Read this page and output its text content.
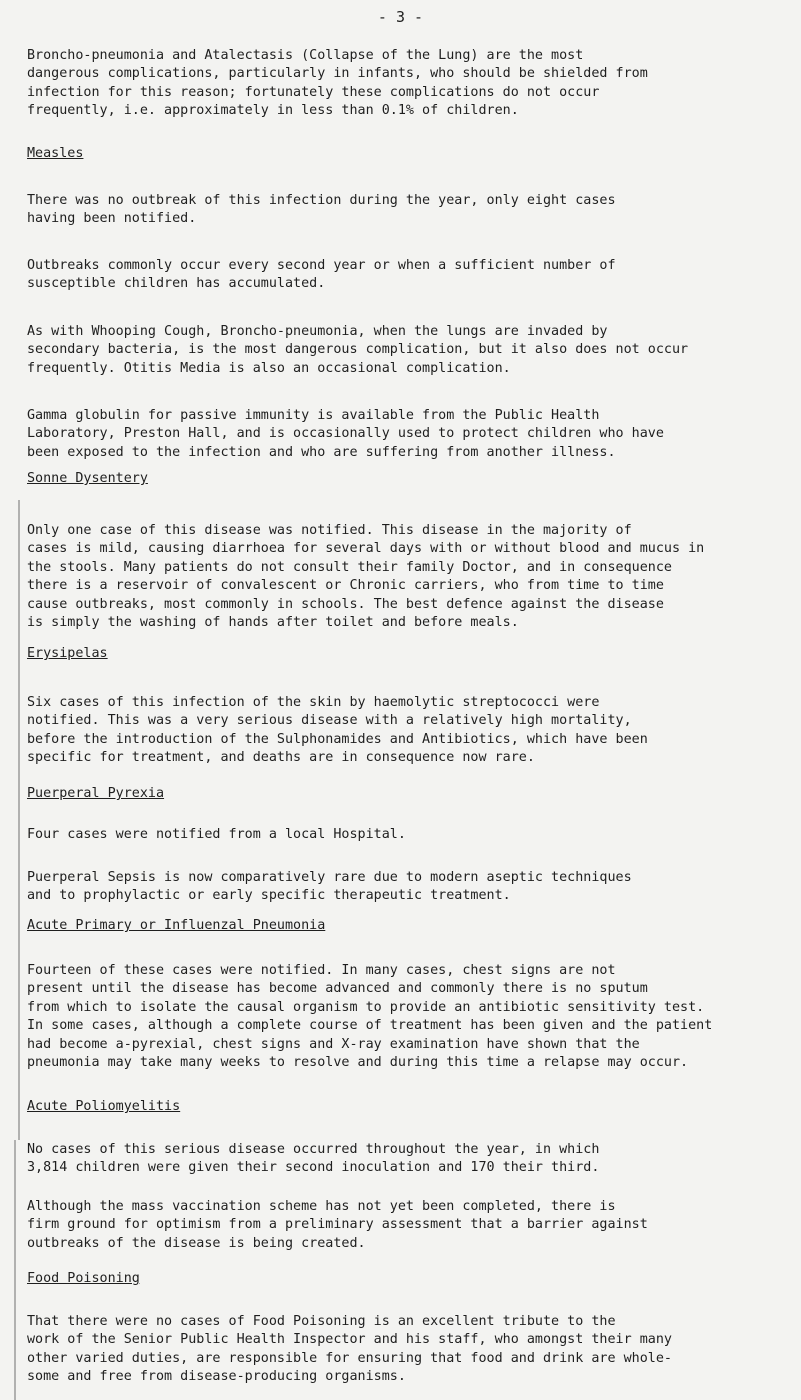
- 3 -
Broncho-pneumonia and Atalectasis (Collapse of the Lung) are the most
dangerous complications, particularly in infants, who should be shielded from
infection for this reason; fortunately these complications do not occur
frequently, i.e. approximately in less than 0.1% of children.
Measles
There was no outbreak of this infection during the year, only eight cases
having been notified.
Outbreaks commonly occur every second year or when a sufficient number of
susceptible children has accumulated.
As with Whooping Cough, Broncho-pneumonia, when the lungs are invaded by
secondary bacteria, is the most dangerous complication, but it also does not occur
frequently. Otitis Media is also an occasional complication.
Gamma globulin for passive immunity is available from the Public Health
Laboratory, Preston Hall, and is occasionally used to protect children who have
been exposed to the infection and who are suffering from another illness.
Sonne Dysentery
Only one case of this disease was notified. This disease in the majority of
cases is mild, causing diarrhoea for several days with or without blood and mucus in
the stools. Many patients do not consult their family Doctor, and in consequence
there is a reservoir of convalescent or Chronic carriers, who from time to time
cause outbreaks, most commonly in schools. The best defence against the disease
is simply the washing of hands after toilet and before meals.
Erysipelas
Six cases of this infection of the skin by haemolytic streptococci were
notified. This was a very serious disease with a relatively high mortality,
before the introduction of the Sulphonamides and Antibiotics, which have been
specific for treatment, and deaths are in consequence now rare.
Puerperal Pyrexia
Four cases were notified from a local Hospital.
Puerperal Sepsis is now comparatively rare due to modern aseptic techniques
and to prophylactic or early specific therapeutic treatment.
Acute Primary or Influenzal Pneumonia
Fourteen of these cases were notified. In many cases, chest signs are not
present until the disease has become advanced and commonly there is no sputum
from which to isolate the causal organism to provide an antibiotic sensitivity test.
In some cases, although a complete course of treatment has been given and the patient
had become a-pyrexial, chest signs and X-ray examination have shown that the
pneumonia may take many weeks to resolve and during this time a relapse may occur.
Acute Poliomyelitis
No cases of this serious disease occurred throughout the year, in which
3,814 children were given their second inoculation and 170 their third.
Although the mass vaccination scheme has not yet been completed, there is
firm ground for optimism from a preliminary assessment that a barrier against
outbreaks of the disease is being created.
Food Poisoning
That there were no cases of Food Poisoning is an excellent tribute to the
work of the Senior Public Health Inspector and his staff, who amongst their many
other varied duties, are responsible for ensuring that food and drink are whole-
some and free from disease-producing organisms.
